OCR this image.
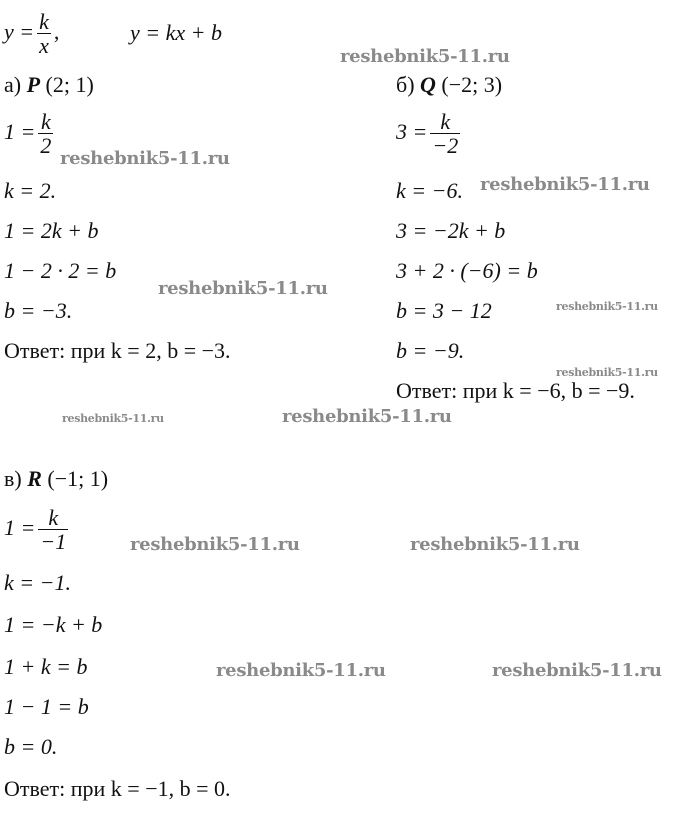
$y = \frac{k}{x}$ ,	y = kx + b
а) P (2; 1)
$1 = \frac{k}{2}$
k = 2.
1 = 2k + b
1 − 2 · 2 = b
b = −3.
Ответ: при k = 2, b = −3.
б) Q (−2; 3)
$3 = \frac{k}{-2}$
k = −6.
3 = −2k + b
3 + 2 · (−6) = b
b = 3 − 12
b = −9.
Ответ: при k = −6, b = −9.
в) R (−1; 1)
$1 = \frac{k}{-1}$
k = −1.
1 = −k + b
1 + k = b
1 − 1 = b
b = 0.
Ответ: при k = −1, b = 0.
reshebnik5-11.ru
reshebnik5-11.ru
reshebnik5-11.ru
reshebnik5-11.ru
reshebnik5-11.ru
reshebnik5-11.ru
reshebnik5-11.ru	reshebnik5-11.ru
reshebnik5-11.ru	reshebnik5-11.ru
reshebnik5-11.ru	reshebnik5-11.ru
